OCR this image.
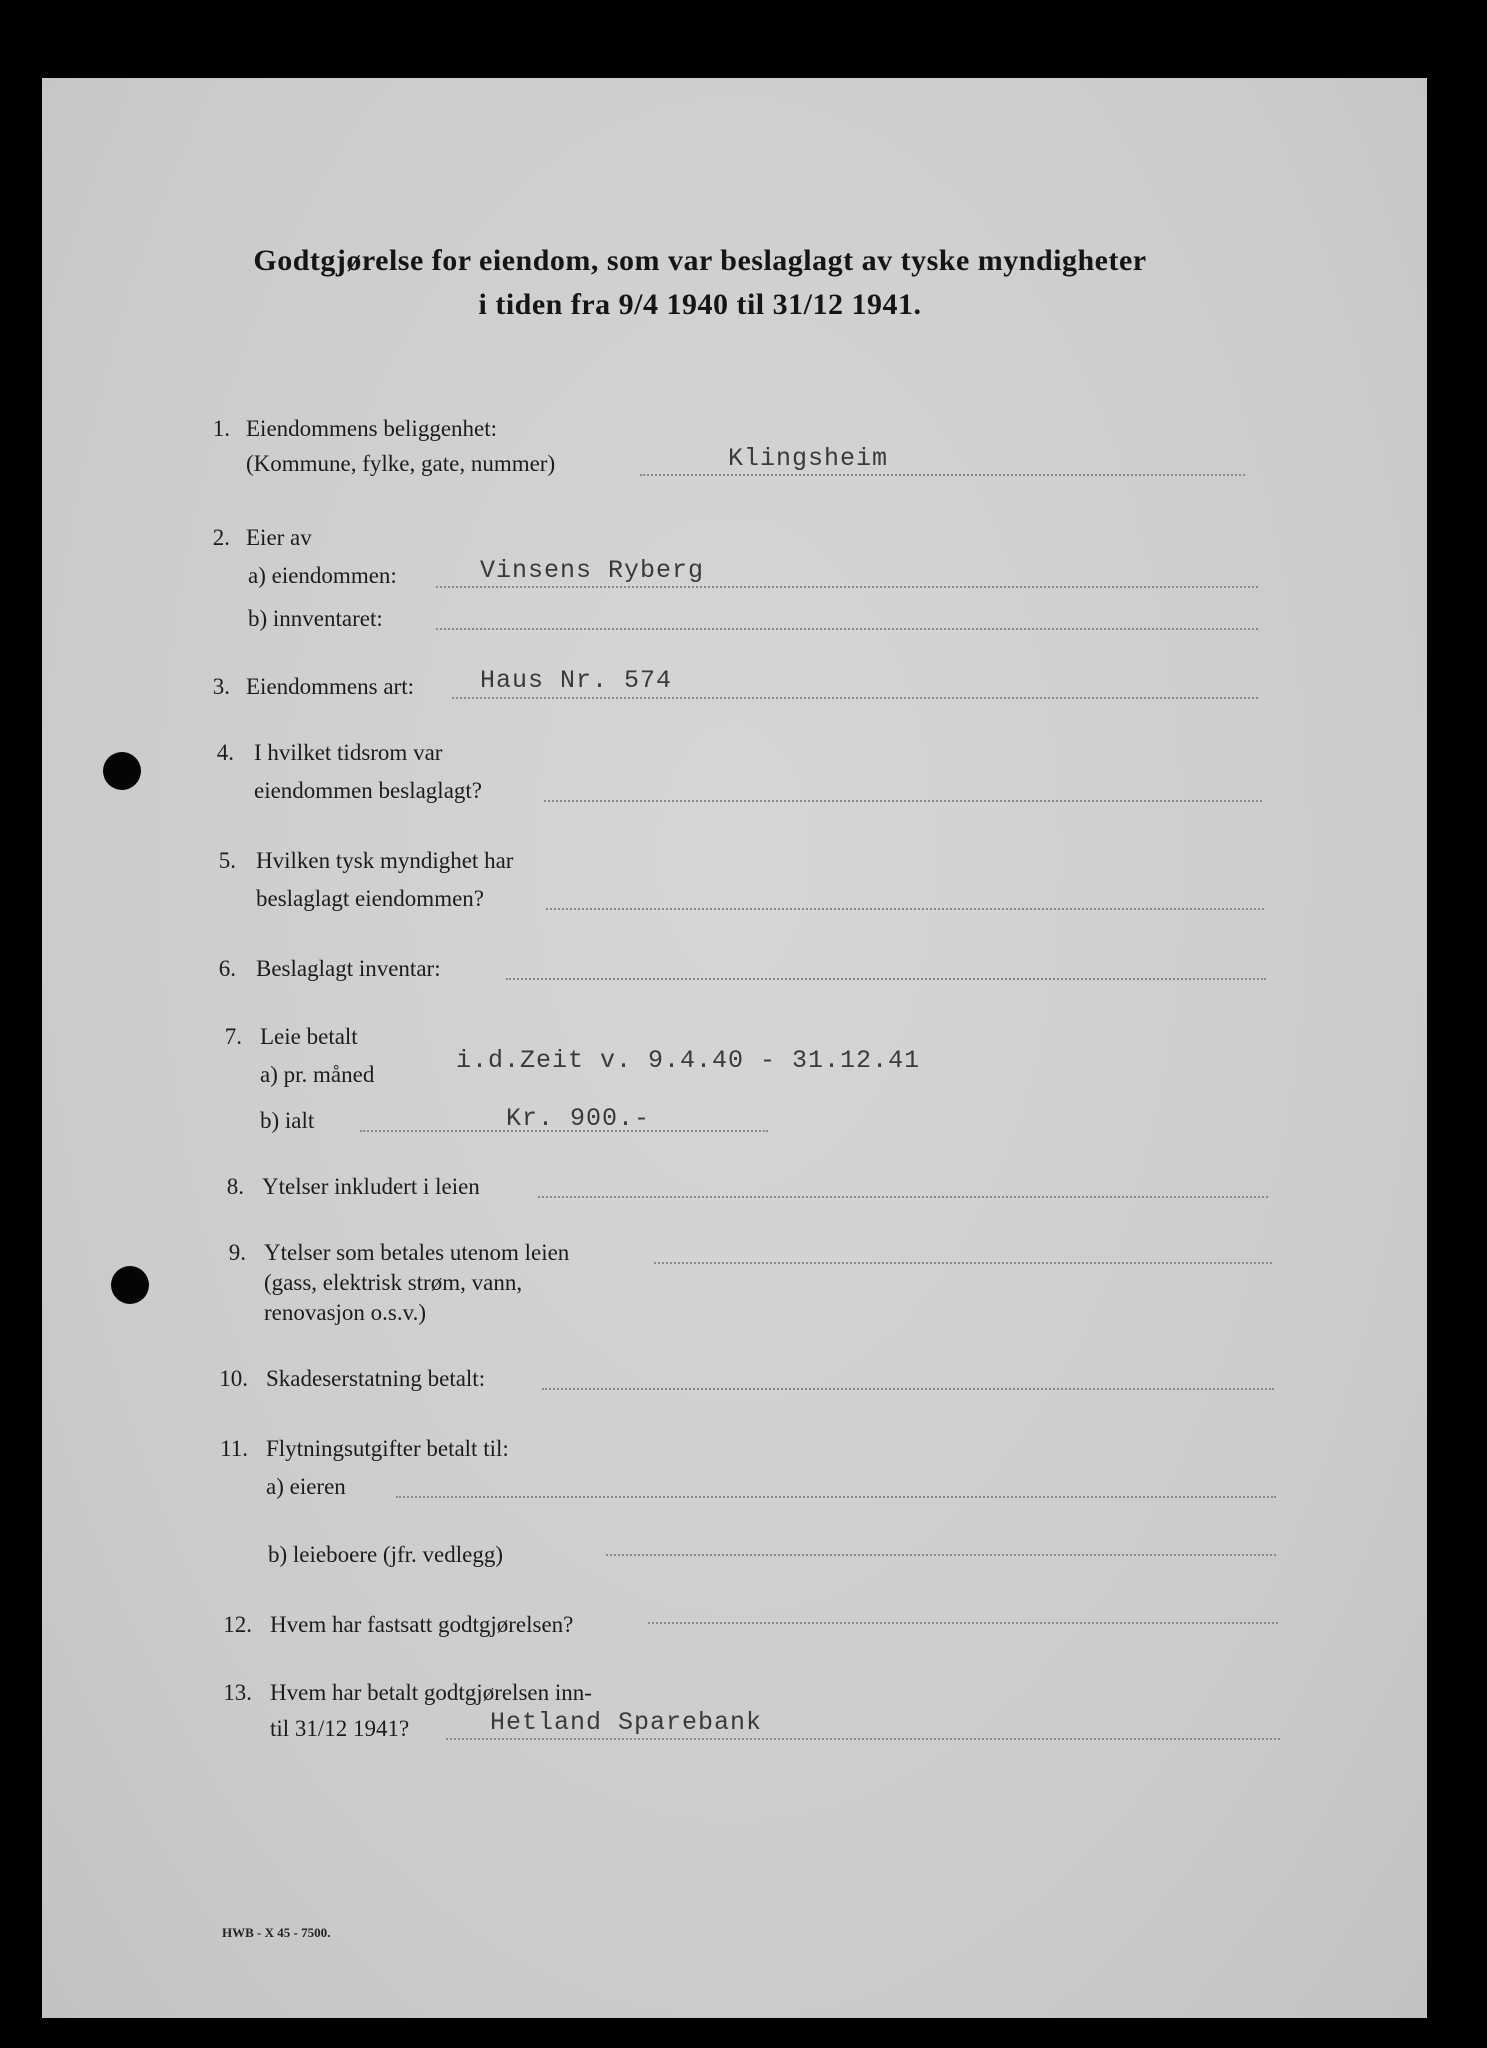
Godtgjørelse for eiendom, som var beslaglagt av tyske myndigheter
i tiden fra 9/4 1940 til 31/12 1941.
1. Eiendommens beliggenhet:
(Kommune, fylke, gate, nummer)	Klingsheim
2. Eier av
a) eiendommen:	Vinsens Ryberg
b) innventaret:
3. Eiendommens art:	Haus Nr. 574
4. I hvilket tidsrom var
eiendommen beslaglagt?
5. Hvilken tysk myndighet har
beslaglagt eiendommen?
6. Beslaglagt inventar:
7. Leie betalt
a) pr. måned	i.d.Zeit v. 9.4.40 - 31.12.41
b) ialt	Kr. 900.-
8. Ytelser inkludert i leien
9. Ytelser som betales utenom leien
(gass, elektrisk strøm, vann,
renovasjon o.s.v.)
10. Skadeserstatning betalt:
11. Flytningsutgifter betalt til:
a) eieren
b) leieboere (jfr. vedlegg)
12. Hvem har fastsatt godtgjørelsen?
13. Hvem har betalt godtgjørelsen inn-
til 31/12 1941?	Hetland Sparebank
HWB - X 45 - 7500.
